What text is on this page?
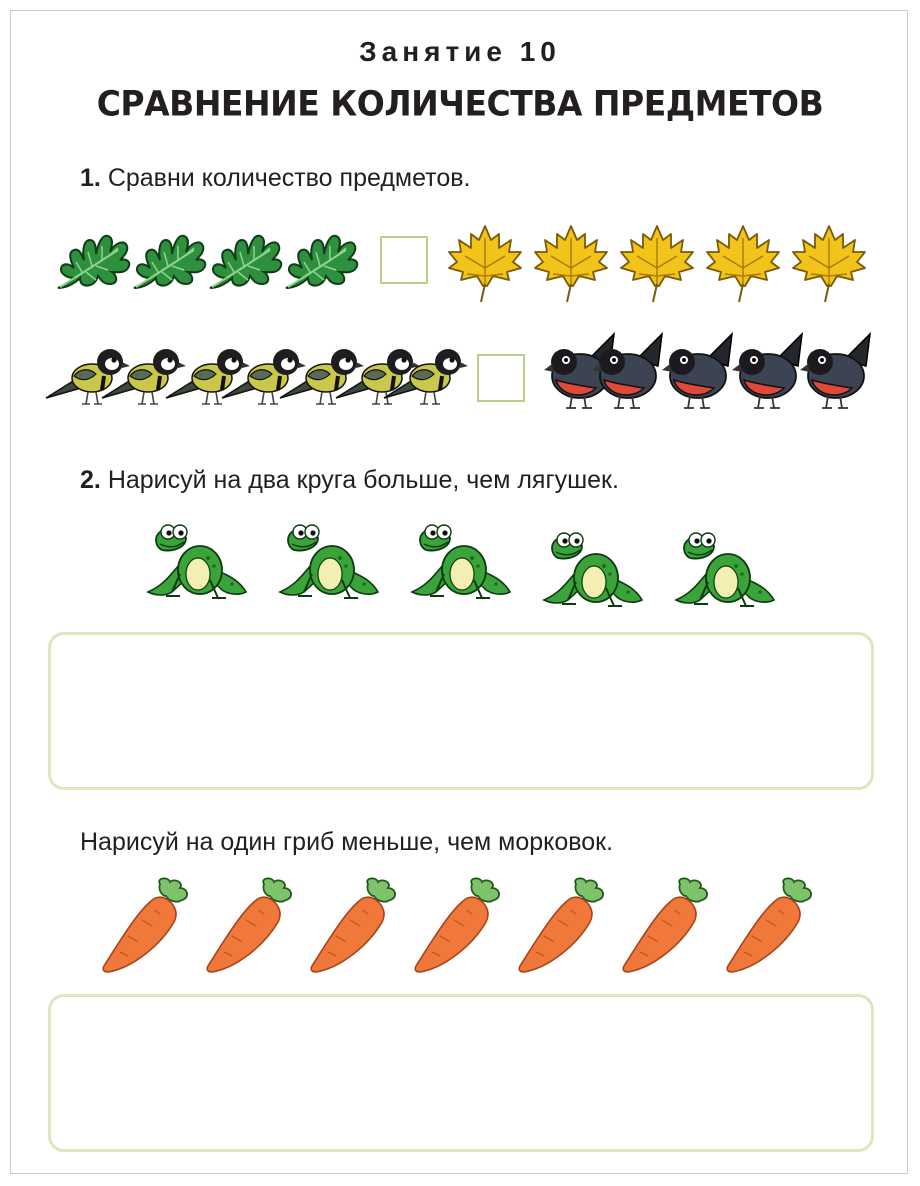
Занятие 10
СРАВНЕНИЕ КОЛИЧЕСТВА ПРЕДМЕТОВ
1. Сравни количество предметов.
2. Нарисуй на два круга больше, чем лягушек.
Нарисуй на один гриб меньше, чем морковок.
